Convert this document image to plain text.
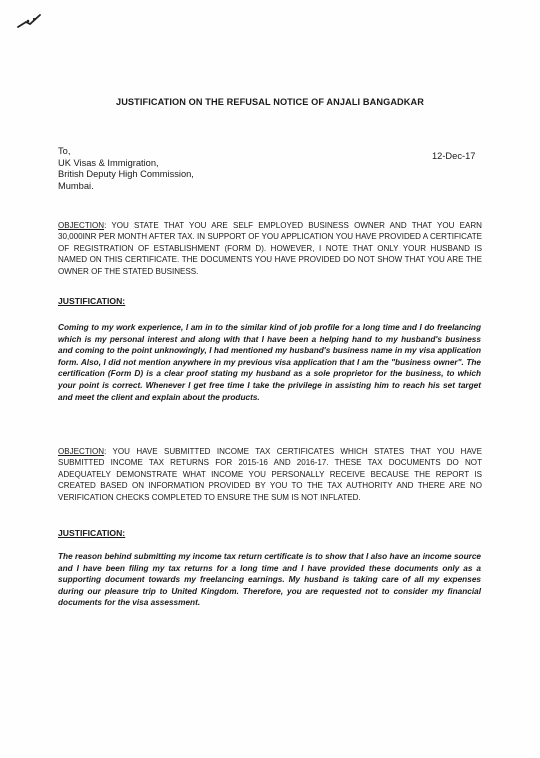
JUSTIFICATION ON THE REFUSAL NOTICE OF ANJALI BANGADKAR
To,
UK Visas & Immigration,
British Deputy High Commission,
Mumbai.
12-Dec-17
OBJECTION: YOU STATE THAT YOU ARE SELF EMPLOYED BUSINESS OWNER AND THAT YOU EARN 30,000INR PER MONTH AFTER TAX. IN SUPPORT OF YOU APPLICATION YOU HAVE PROVIDED A CERTIFICATE OF REGISTRATION OF ESTABLISHMENT (FORM D). HOWEVER, I NOTE THAT ONLY YOUR HUSBAND IS NAMED ON THIS CERTIFICATE. THE DOCUMENTS YOU HAVE PROVIDED DO NOT SHOW THAT YOU ARE THE OWNER OF THE STATED BUSINESS.
JUSTIFICATION:
Coming to my work experience, I am in to the similar kind of job profile for a long time and I do freelancing which is my personal interest and along with that I have been a helping hand to my husband's business and coming to the point unknowingly, I had mentioned my husband's business name in my visa application form. Also, I did not mention anywhere in my previous visa application that I am the "business owner". The certification (Form D) is a clear proof stating my husband as a sole proprietor for the business, to which your point is correct. Whenever I get free time I take the privilege in assisting him to reach his set target and meet the client and explain about the products.
OBJECTION: YOU HAVE SUBMITTED INCOME TAX CERTIFICATES WHICH STATES THAT YOU HAVE SUBMITTED INCOME TAX RETURNS FOR 2015-16 AND 2016-17. THESE TAX DOCUMENTS DO NOT ADEQUATELY DEMONSTRATE WHAT INCOME YOU PERSONALLY RECEIVE BECAUSE THE REPORT IS CREATED BASED ON INFORMATION PROVIDED BY YOU TO THE TAX AUTHORITY AND THERE ARE NO VERIFICATION CHECKS COMPLETED TO ENSURE THE SUM IS NOT INFLATED.
JUSTIFICATION:
The reason behind submitting my income tax return certificate is to show that I also have an income source and I have been filing my tax returns for a long time and I have provided these documents only as a supporting document towards my freelancing earnings. My husband is taking care of all my expenses during our pleasure trip to United Kingdom. Therefore, you are requested not to consider my financial documents for the visa assessment.
